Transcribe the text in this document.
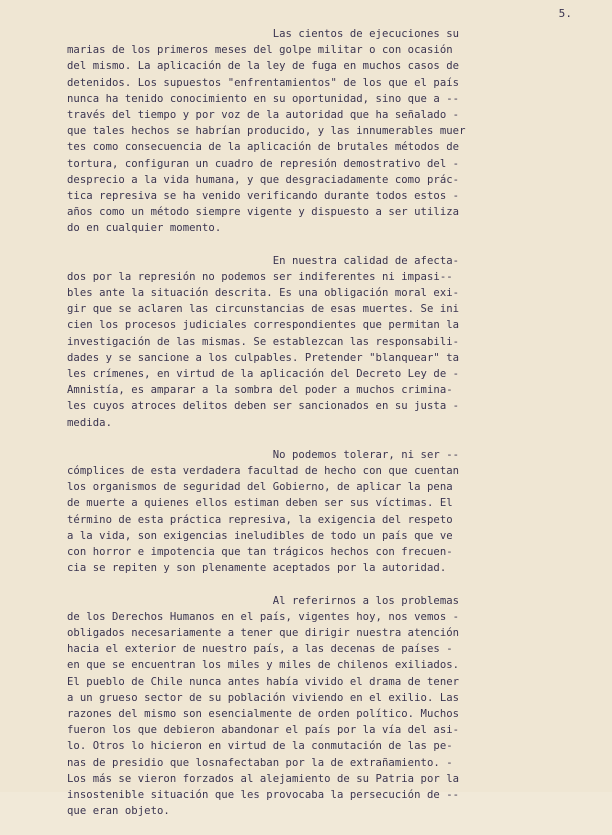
5.
Las cientos de ejecuciones su
marias de los primeros meses del golpe militar o con ocasión
del mismo. La aplicación de la ley de fuga en muchos casos de
detenidos. Los supuestos "enfrentamientos" de los que el país
nunca ha tenido conocimiento en su oportunidad, sino que a --
través del tiempo y por voz de la autoridad que ha señalado -
que tales hechos se habrían producido, y las innumerables muer
tes como consecuencia de la aplicación de brutales métodos de
tortura, configuran un cuadro de represión demostrativo del -
desprecio a la vida humana, y que desgraciadamente como prác-
tica represiva se ha venido verificando durante todos estos -
años como un método siempre vigente y dispuesto a ser utiliza
do en cualquier momento.
En nuestra calidad de afecta-
dos por la represión no podemos ser indiferentes ni impasi--
bles ante la situación descrita. Es una obligación moral exi-
gir que se aclaren las circunstancias de esas muertes. Se ini
cien los procesos judiciales correspondientes que permitan la
investigación de las mismas. Se establezcan las responsabili-
dades y se sancione a los culpables. Pretender "blanquear" ta
les crímenes, en virtud de la aplicación del Decreto Ley de -
Amnistía, es amparar a la sombra del poder a muchos crimina-
les cuyos atroces delitos deben ser sancionados en su justa -
medida.
No podemos tolerar, ni ser --
cómplices de esta verdadera facultad de hecho con que cuentan
los organismos de seguridad del Gobierno, de aplicar la pena
de muerte a quienes ellos estiman deben ser sus víctimas. El
término de esta práctica represiva, la exigencia del respeto
a la vida, son exigencias ineludibles de todo un país que ve
con horror e impotencia que tan trágicos hechos con frecuen-
cia se repiten y son plenamente aceptados por la autoridad.
Al referirnos a los problemas
de los Derechos Humanos en el país, vigentes hoy, nos vemos -
obligados necesariamente a tener que dirigir nuestra atención
hacia el exterior de nuestro país, a las decenas de países -
en que se encuentran los miles y miles de chilenos exiliados.
El pueblo de Chile nunca antes había vivido el drama de tener
a un grueso sector de su población viviendo en el exilio. Las
razones del mismo son esencialmente de orden político. Muchos
fueron los que debieron abandonar el país por la vía del asi-
lo. Otros lo hicieron en virtud de la conmutación de las pe-
nas de presidio que losnafectaban por la de extrañamiento. -
Los más se vieron forzados al alejamiento de su Patria por la
insostenible situación que les provocaba la persecución de --
que eran objeto.
